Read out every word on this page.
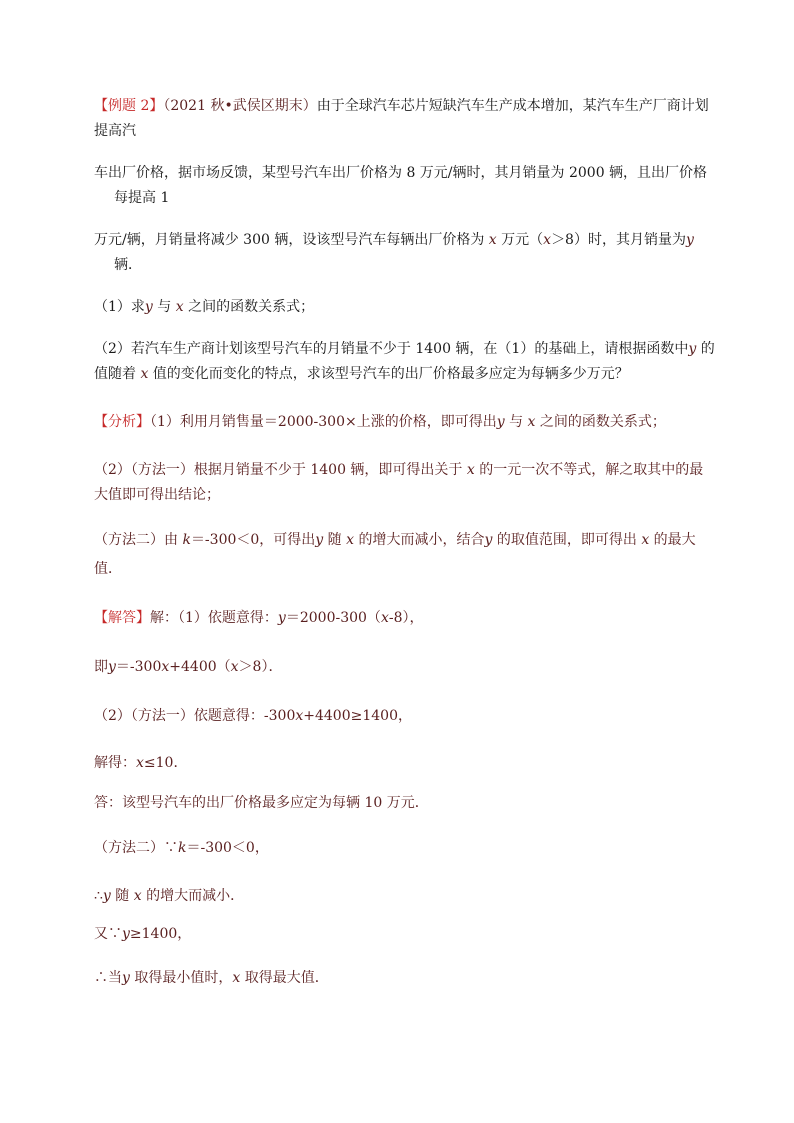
【例题 2】（2021 秋•武侯区期末）由于全球汽车芯片短缺汽车生产成本增加，某汽车生产厂商计划

提高汽

车出厂价格，据市场反馈，某型号汽车出厂价格为 8 万元/辆时，其月销量为 2000 辆，且出厂价格

每提高 1

万元/辆，月销量将减少 300 辆，设该型号汽车每辆出厂价格为 x 万元（x＞8）时，其月销量为y

辆．

（1）求y 与 x 之间的函数关系式；

（2）若汽车生产商计划该型号汽车的月销量不少于 1400 辆，在（1）的基础上，请根据函数中y 的

值随着 x 值的变化而变化的特点，求该型号汽车的出厂价格最多应定为每辆多少万元？

【分析】（1）利用月销售量＝2000-300×上涨的价格，即可得出y 与 x 之间的函数关系式；

（2）（方法一）根据月销量不少于 1400 辆，即可得出关于 x 的一元一次不等式，解之取其中的最

大值即可得出结论；

（方法二）由 k＝-300＜0，可得出y 随 x 的增大而减小，结合y 的取值范围，即可得出 x 的最大

值．

【解答】解：（1）依题意得：y＝2000-300（x-8），

即y＝-300x+4400（x＞8）．

（2）（方法一）依题意得：-300x+4400≥1400，

解得：x≤10．

答：该型号汽车的出厂价格最多应定为每辆 10 万元．

（方法二）∵k＝-300＜0，

∴y 随 x 的增大而减小．

又∵y≥1400，

∴当y 取得最小值时，x 取得最大值．
